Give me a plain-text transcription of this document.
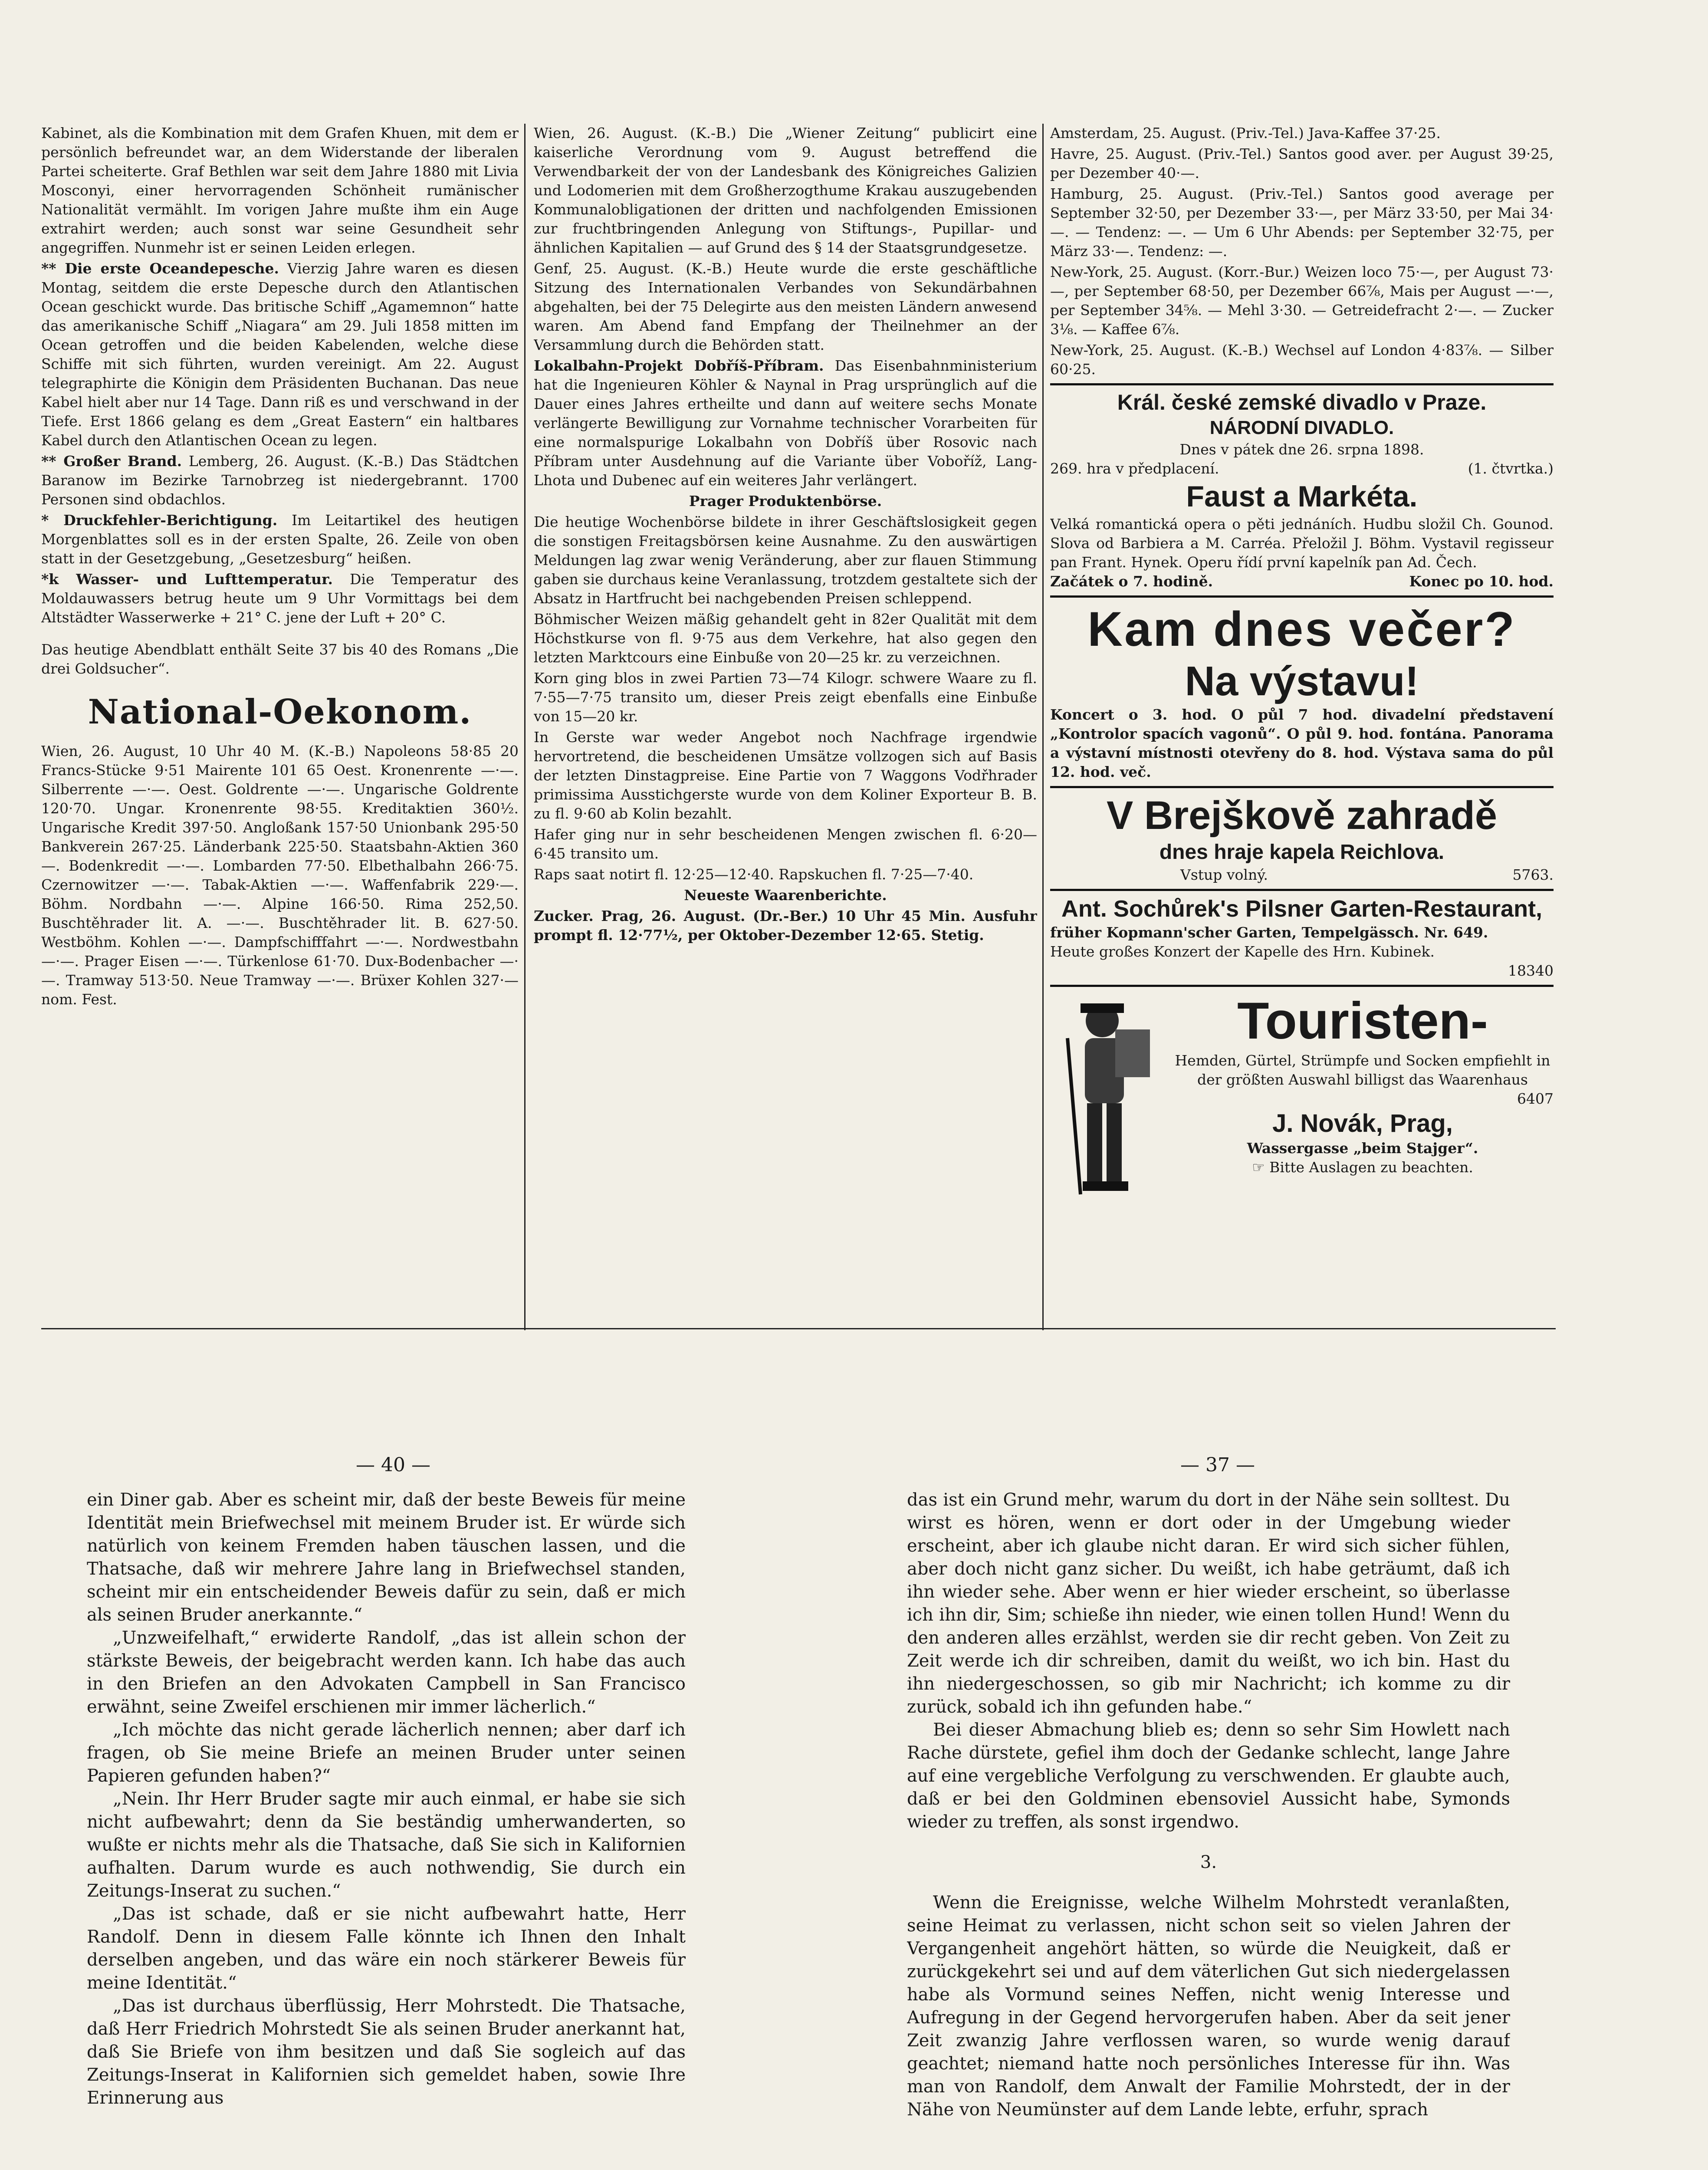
Kabinet, als die Kombination mit dem Grafen Khuen, mit dem er persönlich befreundet war, an dem Widerstande der liberalen Partei scheiterte. Graf Bethlen war seit dem Jahre 1880 mit Livia Mosconyi, einer hervorragenden Schönheit rumänischer Nationalität vermählt. Im vorigen Jahre mußte ihm ein Auge extrahirt werden; auch sonst war seine Gesundheit sehr angegriffen. Nunmehr ist er seinen Leiden erlegen.

** Die erste Oceandepesche. Vierzig Jahre waren es diesen Montag, seitdem die erste Depesche durch den Atlantischen Ocean geschickt wurde. Das britische Schiff „Agamemnon“ hatte das amerikanische Schiff „Niagara“ am 29. Juli 1858 mitten im Ocean getroffen und die beiden Kabelenden, welche diese Schiffe mit sich führten, wurden vereinigt. Am 22. August telegraphirte die Königin dem Präsidenten Buchanan. Das neue Kabel hielt aber nur 14 Tage. Dann riß es und verschwand in der Tiefe. Erst 1866 gelang es dem „Great Eastern“ ein haltbares Kabel durch den Atlantischen Ocean zu legen.

** Großer Brand. Lemberg, 26. August. (K.-B.) Das Städtchen Baranow im Bezirke Tarnobrzeg ist niedergebrannt. 1700 Personen sind obdachlos.

* Druckfehler-Berichtigung. Im Leitartikel des heutigen Morgenblattes soll es in der ersten Spalte, 26. Zeile von oben statt in der Gesetzgebung, „Gesetzesburg“ heißen.

*k Wasser- und Lufttemperatur. Die Temperatur des Moldauwassers betrug heute um 9 Uhr Vormittags bei dem Altstädter Wasserwerke + 21° C. jene der Luft + 20° C.

Das heutige Abendblatt enthält Seite 37 bis 40 des Romans „Die drei Goldsucher“.

National-Oekonom.

Wien, 26. August, 10 Uhr 40 M. (K.-B.) Napoleons 58·85 20 Francs-Stücke 9·51 Mairente 101 65 Oest. Kronenrente —·—. Silberrente —·—. Oest. Goldrente —·—. Ungarische Goldrente 120·70. Ungar. Kronenrente 98·55. Kreditaktien 360½. Ungarische Kredit 397·50. Angloßank 157·50 Unionbank 295·50 Bankverein 267·25. Länderbank 225·50. Staatsbahn-Aktien 360—. Bodenkredit —·—. Lombarden 77·50. Elbethalbahn 266·75. Czernowitzer —·—. Tabak-Aktien —·—. Waffenfabrik 229·—. Böhm. Nordbahn —·—. Alpine 166·50. Rima 252,50. Buschtěhrader lit. A. —·—. Buschtěhrader lit. B. 627·50. Westböhm. Kohlen —·—. Dampfschifffahrt —·—. Nordwestbahn —·—. Prager Eisen —·—. Türkenlose 61·70. Dux-Bodenbacher —·—. Tramway 513·50. Neue Tramway —·—. Brüxer Kohlen 327·— nom. Fest.

Wien, 26. August. (K.-B.) Die „Wiener Zeitung“ publicirt eine kaiserliche Verordnung vom 9. August betreffend die Verwendbarkeit der von der Landesbank des Königreiches Galizien und Lodomerien mit dem Großherzogthume Krakau auszugebenden Kommunalobligationen der dritten und nachfolgenden Emissionen zur fruchtbringenden Anlegung von Stiftungs-, Pupillar- und ähnlichen Kapitalien — auf Grund des § 14 der Staatsgrundgesetze.

Genf, 25. August. (K.-B.) Heute wurde die erste geschäftliche Sitzung des Internationalen Verbandes von Sekundärbahnen abgehalten, bei der 75 Delegirte aus den meisten Ländern anwesend waren. Am Abend fand Empfang der Theilnehmer an der Versammlung durch die Behörden statt.

Lokalbahn-Projekt Dobříš-Příbram. Das Eisenbahnministerium hat die Ingenieuren Köhler & Naynal in Prag ursprünglich auf die Dauer eines Jahres ertheilte und dann auf weitere sechs Monate verlängerte Bewilligung zur Vornahme technischer Vorarbeiten für eine normalspurige Lokalbahn von Dobříš über Rosovic nach Příbram unter Ausdehnung auf die Variante über Voboříž, Lang-Lhota und Dubenec auf ein weiteres Jahr verlängert.

Prager Produktenbörse.

Die heutige Wochenbörse bildete in ihrer Geschäftslosigkeit gegen die sonstigen Freitagsbörsen keine Ausnahme. Zu den auswärtigen Meldungen lag zwar wenig Veränderung, aber zur flauen Stimmung gaben sie durchaus keine Veranlassung, trotzdem gestaltete sich der Absatz in Hartfrucht bei nachgebenden Preisen schleppend.

Böhmischer Weizen mäßig gehandelt geht in 82er Qualität mit dem Höchstkurse von fl. 9·75 aus dem Verkehre, hat also gegen den letzten Marktcours eine Einbuße von 20—25 kr. zu verzeichnen.

Korn ging blos in zwei Partien 73—74 Kilogr. schwere Waare zu fl. 7·55—7·75 transito um, dieser Preis zeigt ebenfalls eine Einbuße von 15—20 kr.

In Gerste war weder Angebot noch Nachfrage irgendwie hervortretend, die bescheidenen Umsätze vollzogen sich auf Basis der letzten Dinstagpreise. Eine Partie von 7 Waggons Vodřhrader primissima Ausstichgerste wurde von dem Koliner Exporteur B. B. zu fl. 9·60 ab Kolin bezahlt.

Hafer ging nur in sehr bescheidenen Mengen zwischen fl. 6·20—6·45 transito um.

Raps saat notirt fl. 12·25—12·40. Rapskuchen fl. 7·25—7·40.

Neueste Waarenberichte.

Zucker. Prag, 26. August. (Dr.-Ber.) 10 Uhr 45 Min. Ausfuhr prompt fl. 12·77½, per Oktober-Dezember 12·65. Stetig.

Amsterdam, 25. August. (Priv.-Tel.) Java-Kaffee 37·25.

Havre, 25. August. (Priv.-Tel.) Santos good aver. per August 39·25, per Dezember 40·—.

Hamburg, 25. August. (Priv.-Tel.) Santos good average per September 32·50, per Dezember 33·—, per März 33·50, per Mai 34·—. — Tendenz: —. — Um 6 Uhr Abends: per September 32·75, per März 33·—. Tendenz: —.

New-York, 25. August. (Korr.-Bur.) Weizen loco 75·—, per August 73·—, per September 68·50, per Dezember 66⅞, Mais per August —·—, per September 34⅝. — Mehl 3·30. — Getreidefracht 2·—. — Zucker 3⅛. — Kaffee 6⅞.

New-York, 25. August. (K.-B.) Wechsel auf London 4·83⅞. — Silber 60·25.

Král. české zemské divadlo v Praze.
NÁRODNÍ DIVADLO.
Dnes v pátek dne 26. srpna 1898.
269. hra v předplacení.	(1. čtvrtka.)
Faust a Markéta.
Velká romantická opera o pěti jednáních. Hudbu složil Ch. Gounod. Slova od Barbiera a M. Carréa. Přeložil J. Böhm. Vystavil regisseur pan Frant. Hynek. Operu řídí první kapelník pan Ad. Čech.
Začátek o 7. hodině.	Konec po 10. hod.
Kam dnes večer?
Na výstavu!
Koncert o 3. hod. O půl 7 hod. divadelní představení „Kontrolor spacích vagonů“. O půl 9. hod. fontána. Panorama a výstavní místnosti otevřeny do 8. hod. Výstava sama do půl 12. hod. več.
V Brejškově zahradě
dnes hraje kapela Reichlova.
Vstup volný.	5763.
Ant. Sochůrek's Pilsner Garten-Restaurant,
früher Kopmann'scher Garten, Tempelgässch. Nr. 649.
Heute großes Konzert der Kapelle des Hrn. Kubinek.
18340
Touristen-
Hemden, Gürtel, Strümpfe und Socken empfiehlt in der größten Auswahl billigst das Waarenhaus
6407
J. Novák, Prag,
Wassergasse „beim Stajger“.
☞ Bitte Auslagen zu beachten.
— 40 —	— 37 —

ein Diner gab. Aber es scheint mir, daß der beste Beweis für meine Identität mein Briefwechsel mit meinem Bruder ist. Er würde sich natürlich von keinem Fremden haben täuschen lassen, und die Thatsache, daß wir mehrere Jahre lang in Briefwechsel standen, scheint mir ein entscheidender Beweis dafür zu sein, daß er mich als seinen Bruder anerkannte.“

„Unzweifelhaft,“ erwiderte Randolf, „das ist allein schon der stärkste Beweis, der beigebracht werden kann. Ich habe das auch in den Briefen an den Advokaten Campbell in San Francisco erwähnt, seine Zweifel erschienen mir immer lächerlich.“

„Ich möchte das nicht gerade lächerlich nennen; aber darf ich fragen, ob Sie meine Briefe an meinen Bruder unter seinen Papieren gefunden haben?“

„Nein. Ihr Herr Bruder sagte mir auch einmal, er habe sie sich nicht aufbewahrt; denn da Sie beständig umherwanderten, so wußte er nichts mehr als die Thatsache, daß Sie sich in Kalifornien aufhalten. Darum wurde es auch nothwendig, Sie durch ein Zeitungs-Inserat zu suchen.“

„Das ist schade, daß er sie nicht aufbewahrt hatte, Herr Randolf. Denn in diesem Falle könnte ich Ihnen den Inhalt derselben angeben, und das wäre ein noch stärkerer Beweis für meine Identität.“

„Das ist durchaus überflüssig, Herr Mohrstedt. Die Thatsache, daß Herr Friedrich Mohrstedt Sie als seinen Bruder anerkannt hat, daß Sie Briefe von ihm besitzen und daß Sie sogleich auf das Zeitungs-Inserat in Kalifornien sich gemeldet haben, sowie Ihre Erinnerung aus

das ist ein Grund mehr, warum du dort in der Nähe sein solltest. Du wirst es hören, wenn er dort oder in der Umgebung wieder erscheint, aber ich glaube nicht daran. Er wird sich sicher fühlen, aber doch nicht ganz sicher. Du weißt, ich habe geträumt, daß ich ihn wieder sehe. Aber wenn er hier wieder erscheint, so überlasse ich ihn dir, Sim; schieße ihn nieder, wie einen tollen Hund! Wenn du den anderen alles erzählst, werden sie dir recht geben. Von Zeit zu Zeit werde ich dir schreiben, damit du weißt, wo ich bin. Hast du ihn niedergeschossen, so gib mir Nachricht; ich komme zu dir zurück, sobald ich ihn gefunden habe.“

Bei dieser Abmachung blieb es; denn so sehr Sim Howlett nach Rache dürstete, gefiel ihm doch der Gedanke schlecht, lange Jahre auf eine vergebliche Verfolgung zu verschwenden. Er glaubte auch, daß er bei den Goldminen ebensoviel Aussicht habe, Symonds wieder zu treffen, als sonst irgendwo.

3.

Wenn die Ereignisse, welche Wilhelm Mohrstedt veranlaßten, seine Heimat zu verlassen, nicht schon seit so vielen Jahren der Vergangenheit angehört hätten, so würde die Neuigkeit, daß er zurückgekehrt sei und auf dem väterlichen Gut sich niedergelassen habe als Vormund seines Neffen, nicht wenig Interesse und Aufregung in der Gegend hervorgerufen haben. Aber da seit jener Zeit zwanzig Jahre verflossen waren, so wurde wenig darauf geachtet; niemand hatte noch persönliches Interesse für ihn. Was man von Randolf, dem Anwalt der Familie Mohrstedt, der in der Nähe von Neumünster auf dem Lande lebte, erfuhr, sprach
